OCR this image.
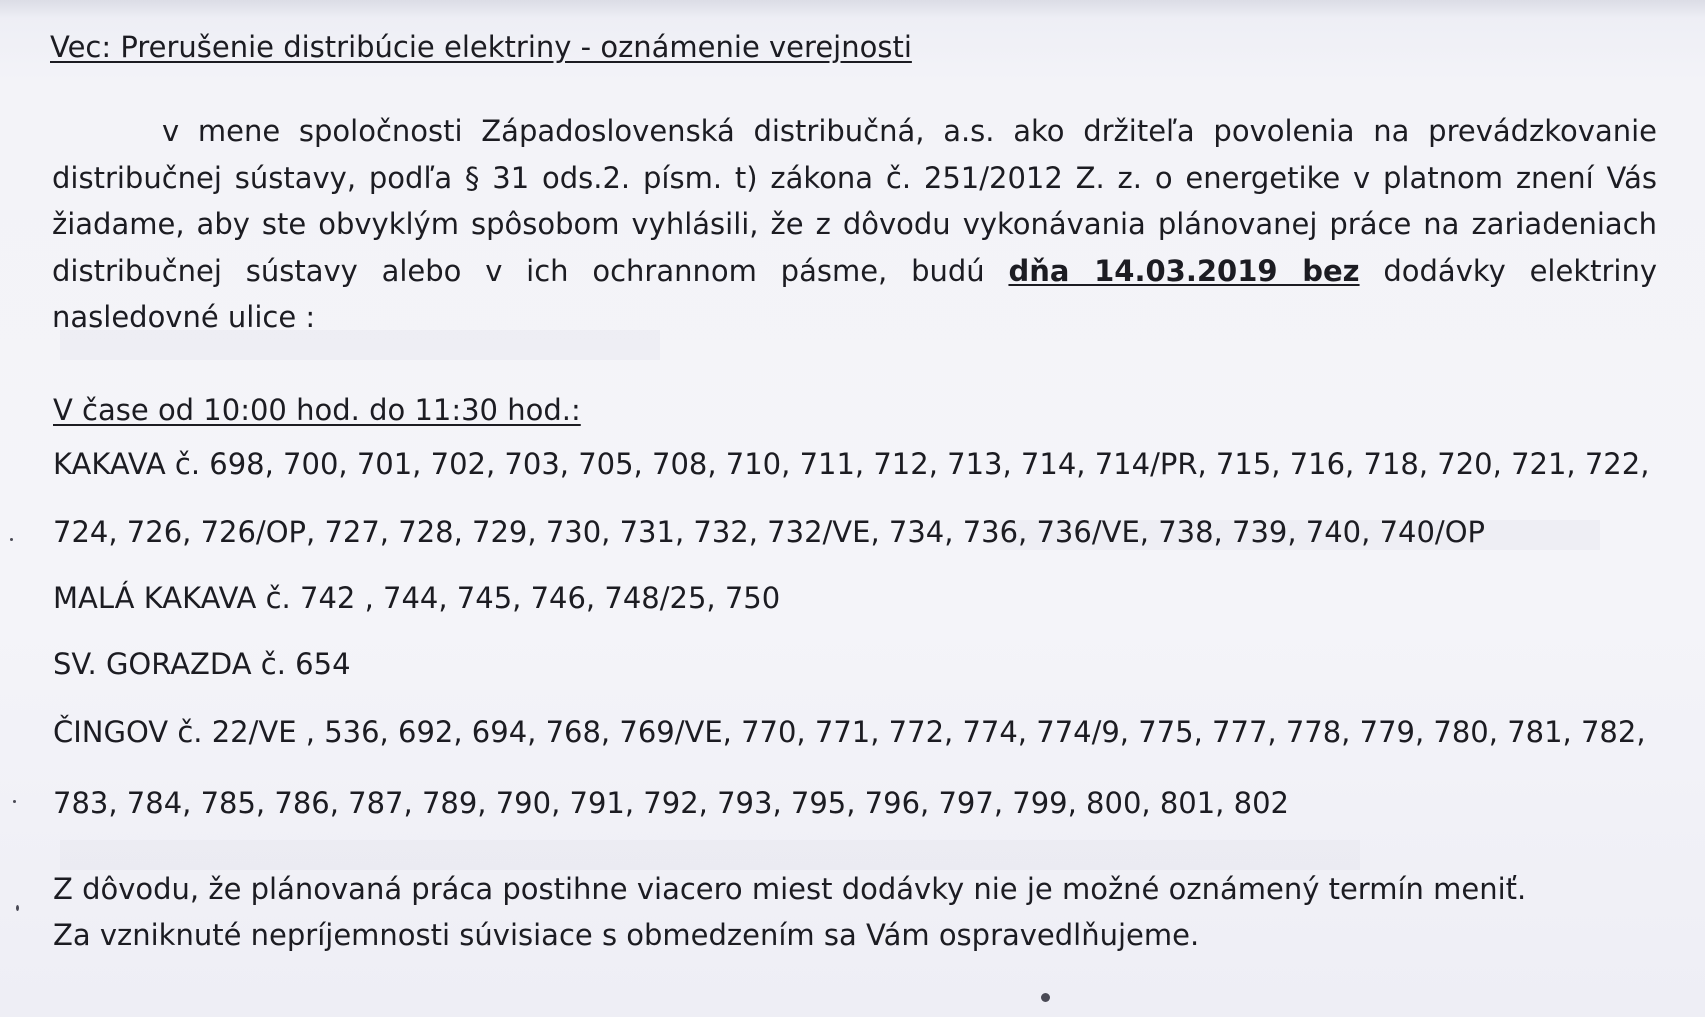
Vec: Prerušenie distribúcie elektriny - oznámenie verejnosti
v mene spoločnosti Západoslovenská distribučná, a.s. ako držiteľa povolenia na prevádzkovanie distribučnej sústavy, podľa § 31 ods.2. písm. t) zákona č. 251/2012 Z. z. o energetike v platnom znení Vás žiadame, aby ste obvyklým spôsobom vyhlásili, že z dôvodu vykonávania plánovanej práce na zariadeniach distribučnej sústavy alebo v ich ochrannom pásme, budú dňa 14.03.2019 bez dodávky elektriny nasledovné ulice :
V čase od 10:00 hod. do 11:30 hod.:
KAKAVA č. 698, 700, 701, 702, 703, 705, 708, 710, 711, 712, 713, 714, 714/PR, 715, 716, 718, 720, 721, 722,
724, 726, 726/OP, 727, 728, 729, 730, 731, 732, 732/VE, 734, 736, 736/VE, 738, 739, 740, 740/OP
MALÁ KAKAVA č. 742 , 744, 745, 746, 748/25, 750
SV. GORAZDA č. 654
ČINGOV č. 22/VE , 536, 692, 694, 768, 769/VE, 770, 771, 772, 774, 774/9, 775, 777, 778, 779, 780, 781, 782,
783, 784, 785, 786, 787, 789, 790, 791, 792, 793, 795, 796, 797, 799, 800, 801, 802
Z dôvodu, že plánovaná práca postihne viacero miest dodávky nie je možné oznámený termín meniť.
Za vzniknuté nepríjemnosti súvisiace s obmedzením sa Vám ospravedlňujeme.
